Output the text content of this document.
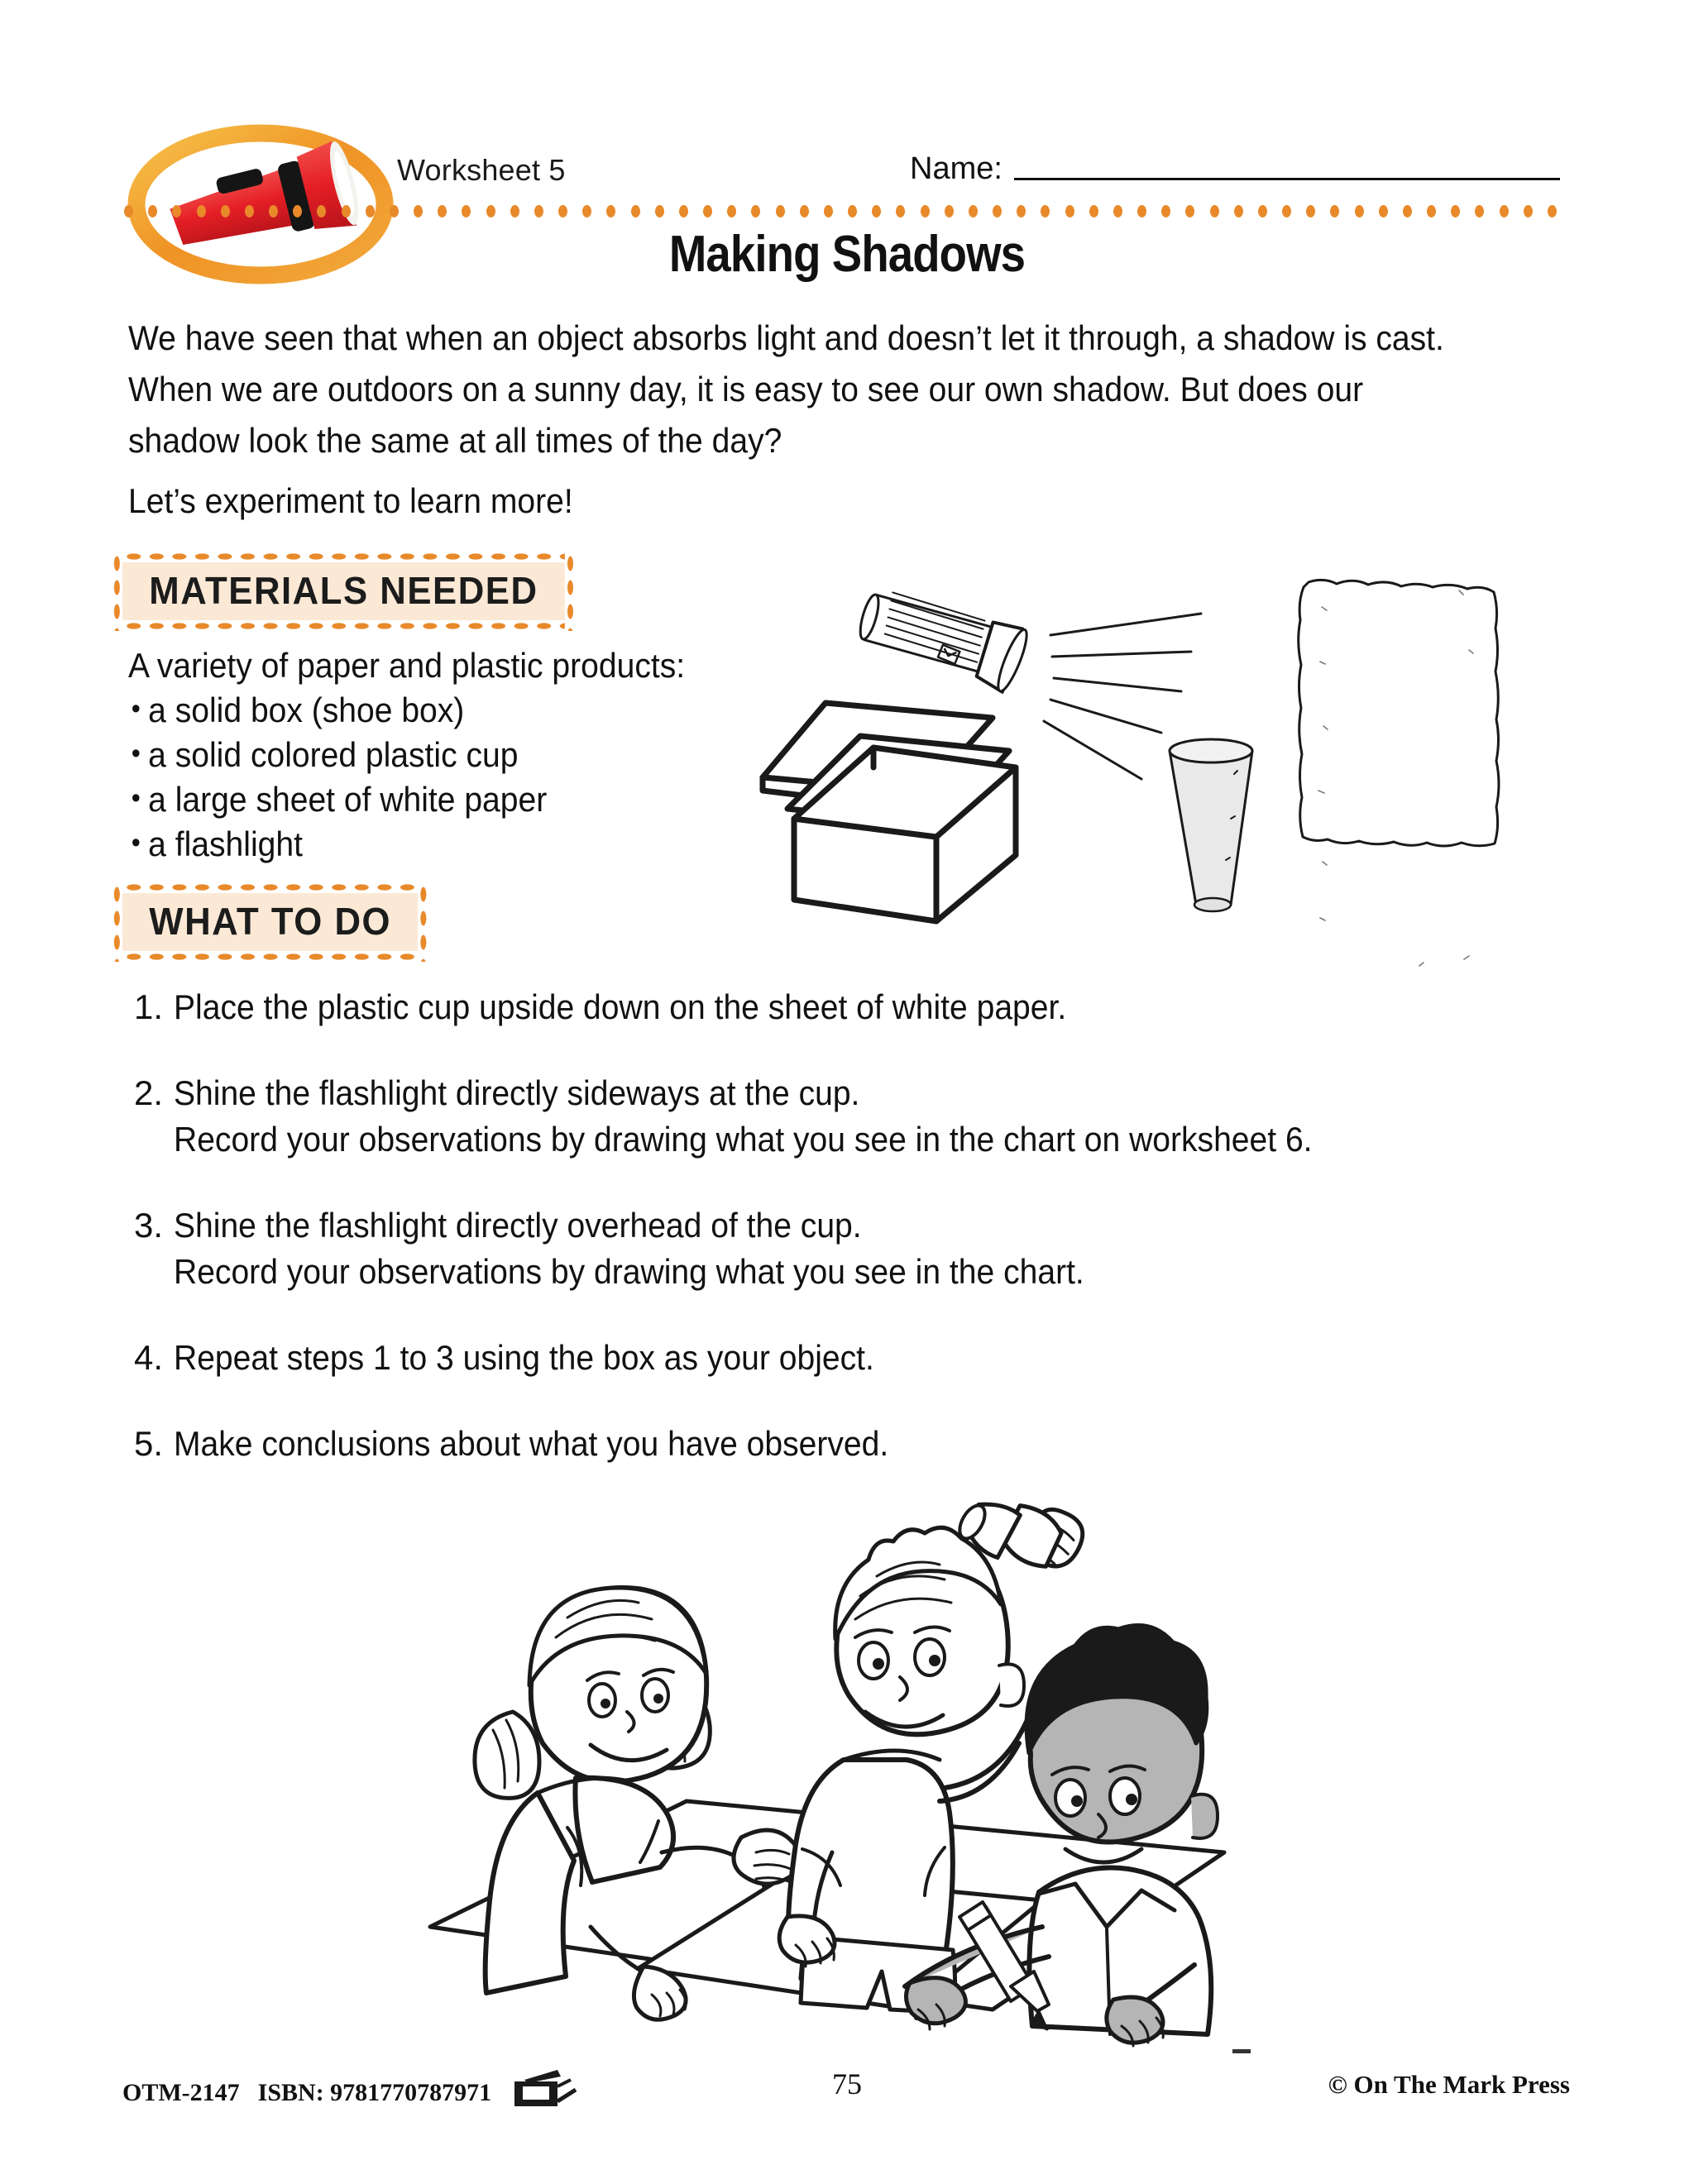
Worksheet 5	Name:
Making Shadows
We have seen that when an object absorbs light and doesn’t let it through, a shadow is cast. When we are outdoors on a sunny day, it is easy to see our own shadow. But does our shadow look the same at all times of the day?
Let’s experiment to learn more!
MATERIALS NEEDED
A variety of paper and plastic products:
• a solid box (shoe box)
• a solid colored plastic cup
• a large sheet of white paper
• a flashlight
WHAT TO DO
1. Place the plastic cup upside down on the sheet of white paper.
2. Shine the flashlight directly sideways at the cup.
Record your observations by drawing what you see in the chart on worksheet 6.
3. Shine the flashlight directly overhead of the cup.
Record your observations by drawing what you see in the chart.
4. Repeat steps 1 to 3 using the box as your object.
5. Make conclusions about what you have observed.
OTM-2147 ISBN: 9781770787971	75	© On The Mark Press
